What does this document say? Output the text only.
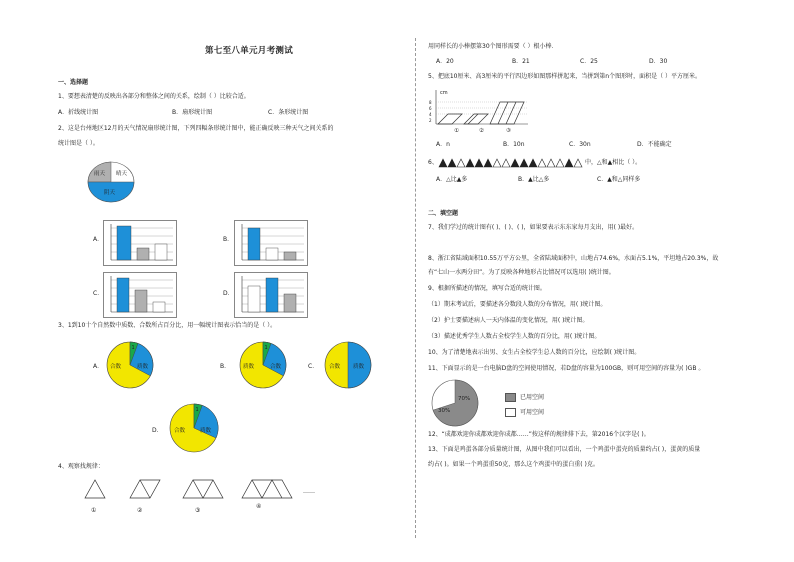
第七至八单元月考测试
一、选择题
1、要想表清楚的反映出各部分和整体之间的关系，绘制（ ）比较合适。
A．折线统计图	B．扇形统计图	C．条形统计图
2、这是台州地区12月的天气情况扇形统计图，下列四幅条形统计图中，能正确反映三种天气之间关系的
统计图是（ ）。
雨天 晴天
阴天
A．	B．
C．	D．
3、1到10十个自然数中质数、合数所占百分比，用一幅统计图表示恰当的是（ ）。
A．	B．	C．
D．
1
合数	质数
1
质数	合数	合数 质数
1
合数	质数
4、观察找规律：
①	②	③
④
……
用同样长的小棒摆第30个图形需要（ ）根小棒．
A．20	B．21	C．25	D．30
5、把底10厘米、高3厘米的平行四边形如图那样拼起来，当拼到第n个图形时，面积是（ ）平方厘米。
cm
8
6
4
2
①	②	③
A．n	B．10n	C．30n	D．不能确定
6、	中，△和▲相比（ ）。
A．△比▲多	B．▲比△多	C．▲和△同样多
二、填空题
7、我们学过的统计图有( )、( )、( )，如果要表示东东家每月支出，用( )最好。
8、浙江省陆域面积10.55万平方公里，全省陆域面积中，山地占74.6%，水面占5.1%，平坦地占20.3%，故
有“七山一水两分田”。为了反映各种地形占比情况可以选用( )统计图。
9、根据所描述的情况，填写合适的统计图。
（1）期末考试后，要描述各分数段人数的分布情况，用( )统计图。
（2）护士要描述病人一天内体温的变化情况，用( )统计图。
（3）描述优秀学生人数占全校学生人数的百分比，用( )统计图。
10、为了清楚地表示出男、女生占全校学生总人数的百分比，应绘制( )统计图。
11、下面显示的是一台电脑D盘的空间使用情况，若D盘的容量为100GB，则可用空间的容量为( )GB 。
70%
30%
已用空间
可用空间
12、“成都欢迎你成都欢迎你成都……”按这样的规律排下去，第2016个汉字是( )。
13、下面是鸡蛋各部分质量统计图，从图中我们可以看出，一个鸡蛋中蛋壳的质量约占( )，蛋黄的质量
约占( )。如果一个鸡蛋重50克，那么这个鸡蛋中的蛋白重( )克。
